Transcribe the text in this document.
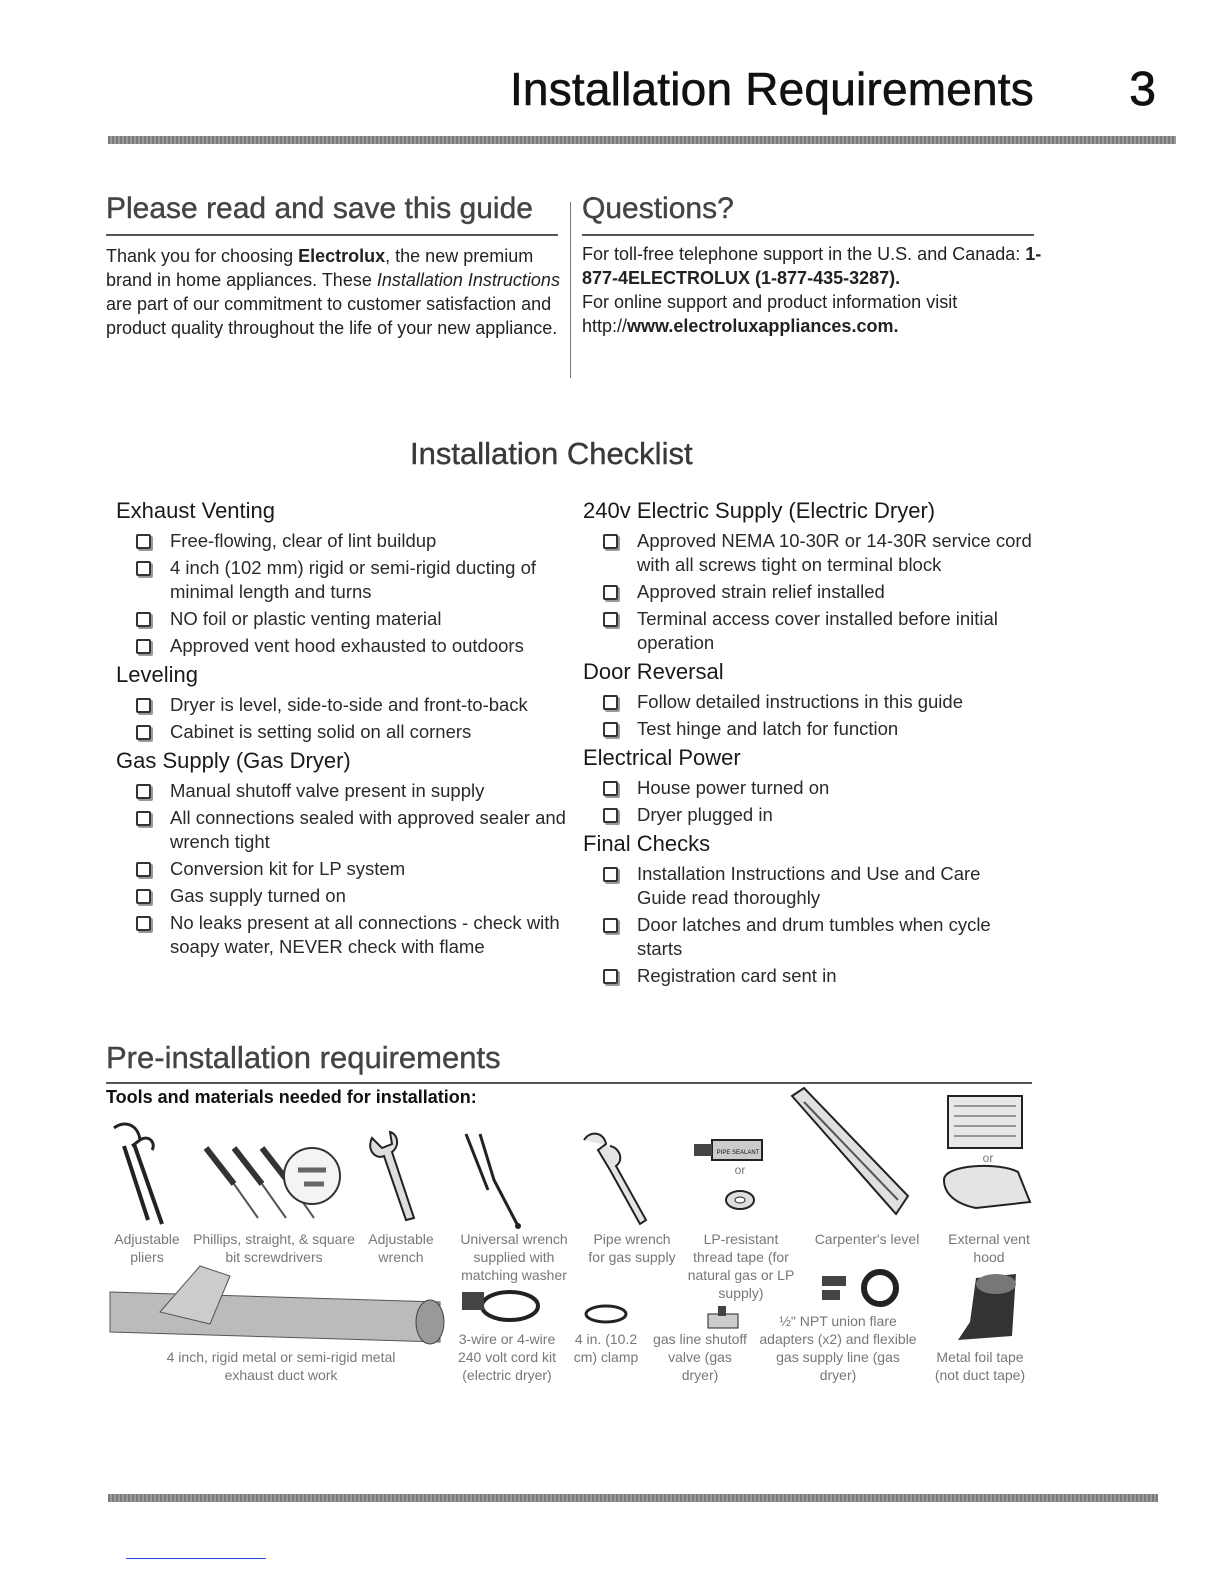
Installation Requirements 3
Please read and save this guide
Thank you for choosing Electrolux, the new premium brand in home appliances. These Installation Instructions are part of our commitment to customer satisfaction and product quality throughout the life of your new appliance.
Questions?
For toll-free telephone support in the U.S. and Canada: 1-877-4ELECTROLUX (1-877-435-3287).
For online support and product information visit http://www.electroluxappliances.com.
Installation Checklist
Exhaust Venting
Free-flowing, clear of lint buildup
4 inch (102 mm) rigid or semi-rigid ducting of minimal length and turns
NO foil or plastic venting material
Approved vent hood exhausted to outdoors
Leveling
Dryer is level, side-to-side and front-to-back
Cabinet is setting solid on all corners
Gas Supply (Gas Dryer)
Manual shutoff valve present in supply
All connections sealed with approved sealer and wrench tight
Conversion kit for LP system
Gas supply turned on
No leaks present at all connections - check with soapy water, NEVER check with flame
240v Electric Supply (Electric Dryer)
Approved NEMA 10-30R or 14-30R service cord with all screws tight on terminal block
Approved strain relief installed
Terminal access cover installed before initial operation
Door Reversal
Follow detailed instructions in this guide
Test hinge and latch for function
Electrical Power
House power turned on
Dryer plugged in
Final Checks
Installation Instructions and Use and Care Guide read thoroughly
Door latches and drum tumbles when cycle starts
Registration card sent in
Pre-installation requirements
Tools and materials needed for installation:
PIPE SEALANT
or
or
Adjustable pliers
Phillips, straight, & square bit screwdrivers
Adjustable wrench
Universal wrench supplied with matching washer
Pipe wrench for gas supply
LP-resistant thread tape (for natural gas or LP supply)
Carpenter's level	External vent hood
4 inch, rigid metal or semi-rigid metal exhaust duct work
3-wire or 4-wire 240 volt cord kit (electric dryer)
4 in. (10.2 cm) clamp
gas line shutoff valve (gas dryer)
½" NPT union flare adapters (x2) and flexible gas supply line (gas dryer)
Metal foil tape (not duct tape)
